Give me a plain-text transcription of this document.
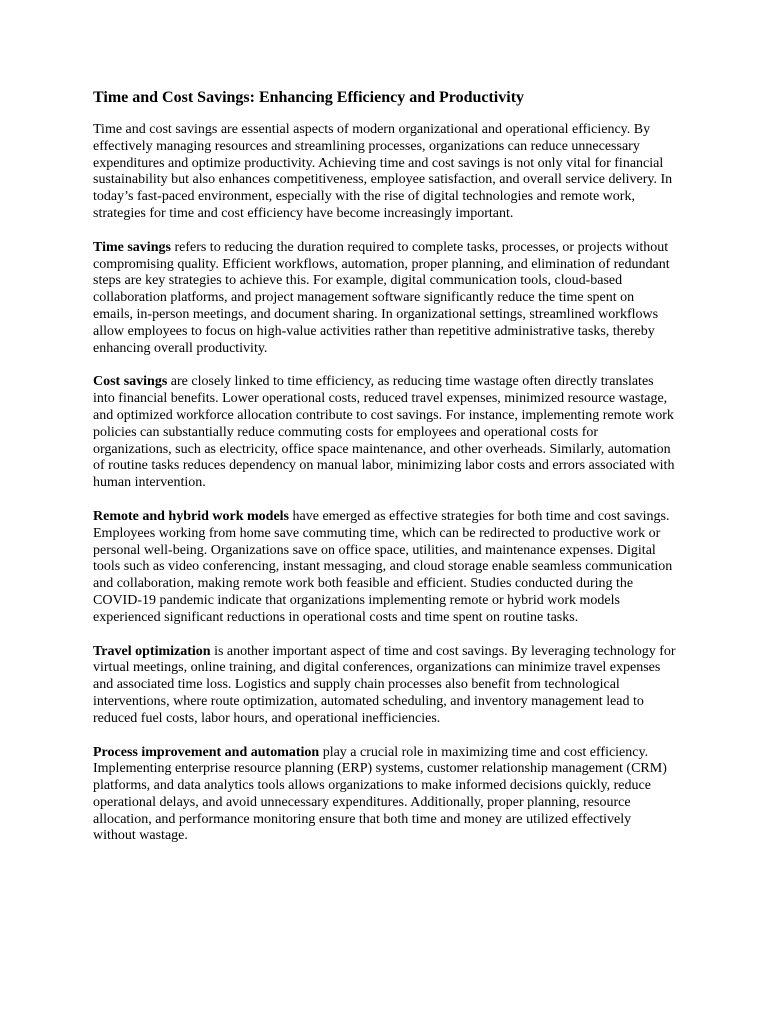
Time and Cost Savings: Enhancing Efficiency and Productivity

Time and cost savings are essential aspects of modern organizational and operational efficiency. By effectively managing resources and streamlining processes, organizations can reduce unnecessary expenditures and optimize productivity. Achieving time and cost savings is not only vital for financial sustainability but also enhances competitiveness, employee satisfaction, and overall service delivery. In today’s fast-paced environment, especially with the rise of digital technologies and remote work, strategies for time and cost efficiency have become increasingly important.

Time savings refers to reducing the duration required to complete tasks, processes, or projects without compromising quality. Efficient workflows, automation, proper planning, and elimination of redundant steps are key strategies to achieve this. For example, digital communication tools, cloud-based collaboration platforms, and project management software significantly reduce the time spent on emails, in-person meetings, and document sharing. In organizational settings, streamlined workflows allow employees to focus on high-value activities rather than repetitive administrative tasks, thereby enhancing overall productivity.

Cost savings are closely linked to time efficiency, as reducing time wastage often directly translates into financial benefits. Lower operational costs, reduced travel expenses, minimized resource wastage, and optimized workforce allocation contribute to cost savings. For instance, implementing remote work policies can substantially reduce commuting costs for employees and operational costs for organizations, such as electricity, office space maintenance, and other overheads. Similarly, automation of routine tasks reduces dependency on manual labor, minimizing labor costs and errors associated with human intervention.

Remote and hybrid work models have emerged as effective strategies for both time and cost savings. Employees working from home save commuting time, which can be redirected to productive work or personal well-being. Organizations save on office space, utilities, and maintenance expenses. Digital tools such as video conferencing, instant messaging, and cloud storage enable seamless communication and collaboration, making remote work both feasible and efficient. Studies conducted during the COVID-19 pandemic indicate that organizations implementing remote or hybrid work models experienced significant reductions in operational costs and time spent on routine tasks.

Travel optimization is another important aspect of time and cost savings. By leveraging technology for virtual meetings, online training, and digital conferences, organizations can minimize travel expenses and associated time loss. Logistics and supply chain processes also benefit from technological interventions, where route optimization, automated scheduling, and inventory management lead to reduced fuel costs, labor hours, and operational inefficiencies.

Process improvement and automation play a crucial role in maximizing time and cost efficiency. Implementing enterprise resource planning (ERP) systems, customer relationship management (CRM) platforms, and data analytics tools allows organizations to make informed decisions quickly, reduce operational delays, and avoid unnecessary expenditures. Additionally, proper planning, resource allocation, and performance monitoring ensure that both time and money are utilized effectively without wastage.
